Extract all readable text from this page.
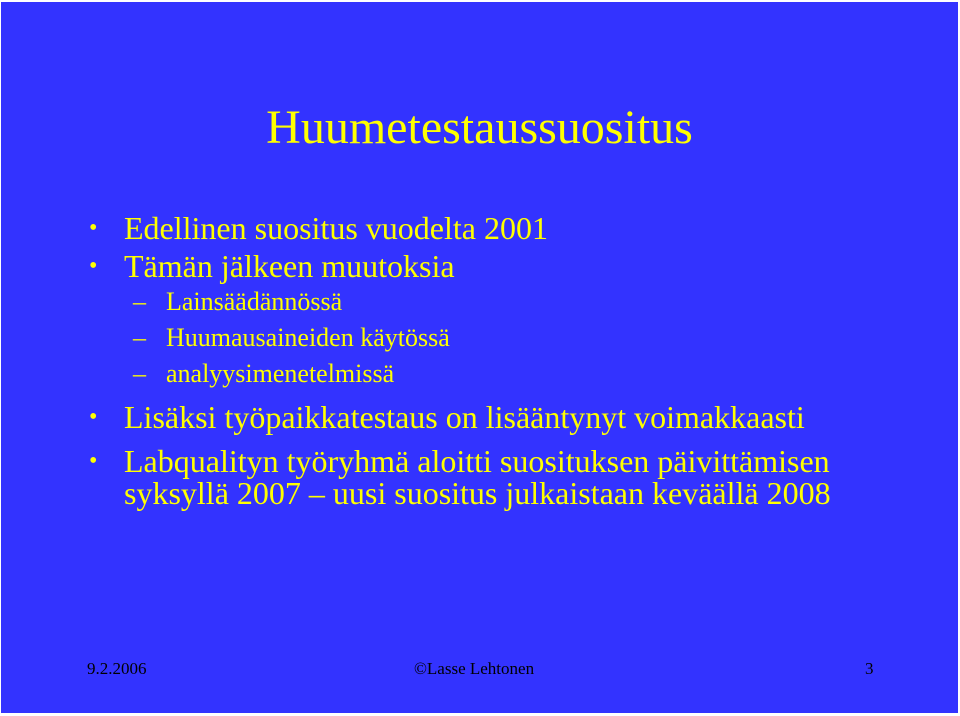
Huumetestaussuositus
• Edellinen suositus vuodelta 2001
• Tämän jälkeen muutoksia
– Lainsäädännössä
– Huumausaineiden käytössä
– analyysimenetelmissä
• Lisäksi työpaikkatestaus on lisääntynyt voimakkaasti
• Labqualityn työryhmä aloitti suosituksen päivittämisen syksyllä 2007 – uusi suositus julkaistaan keväällä 2008
9.2.2006	©Lasse Lehtonen	3
